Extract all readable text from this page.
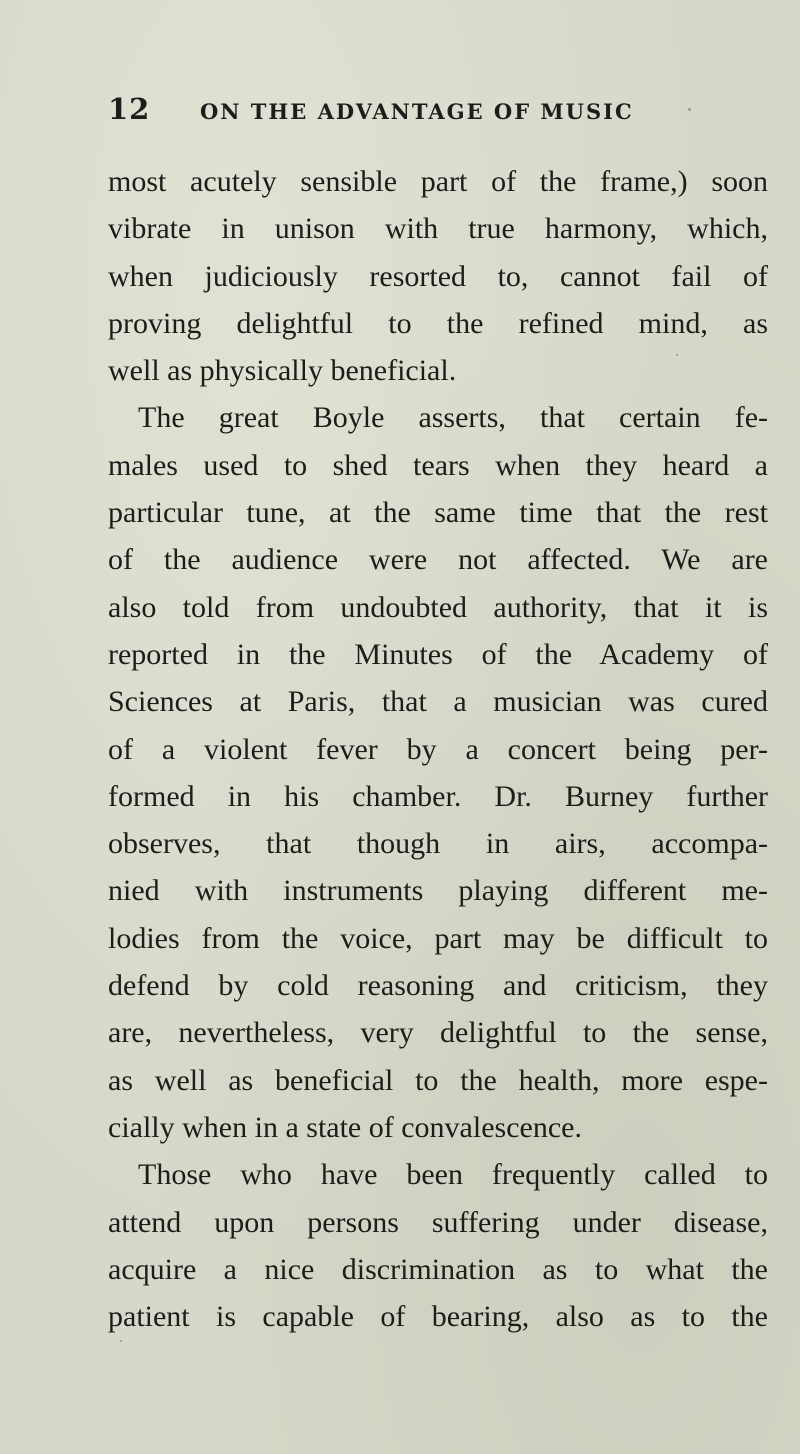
12	ON THE ADVANTAGE OF MUSIC
most acutely sensible part of the frame,) soon
vibrate in unison with true harmony, which,
when judiciously resorted to, cannot fail of
proving delightful to the refined mind, as
well as physically beneficial.
The great Boyle asserts, that certain fe-
males used to shed tears when they heard a
particular tune, at the same time that the rest
of the audience were not affected. We are
also told from undoubted authority, that it is
reported in the Minutes of the Academy of
Sciences at Paris, that a musician was cured
of a violent fever by a concert being per-
formed in his chamber. Dr. Burney further
observes, that though in airs, accompa-
nied with instruments playing different me-
lodies from the voice, part may be difficult to
defend by cold reasoning and criticism, they
are, nevertheless, very delightful to the sense,
as well as beneficial to the health, more espe-
cially when in a state of convalescence.
Those who have been frequently called to
attend upon persons suffering under disease,
acquire a nice discrimination as to what the
patient is capable of bearing, also as to the
